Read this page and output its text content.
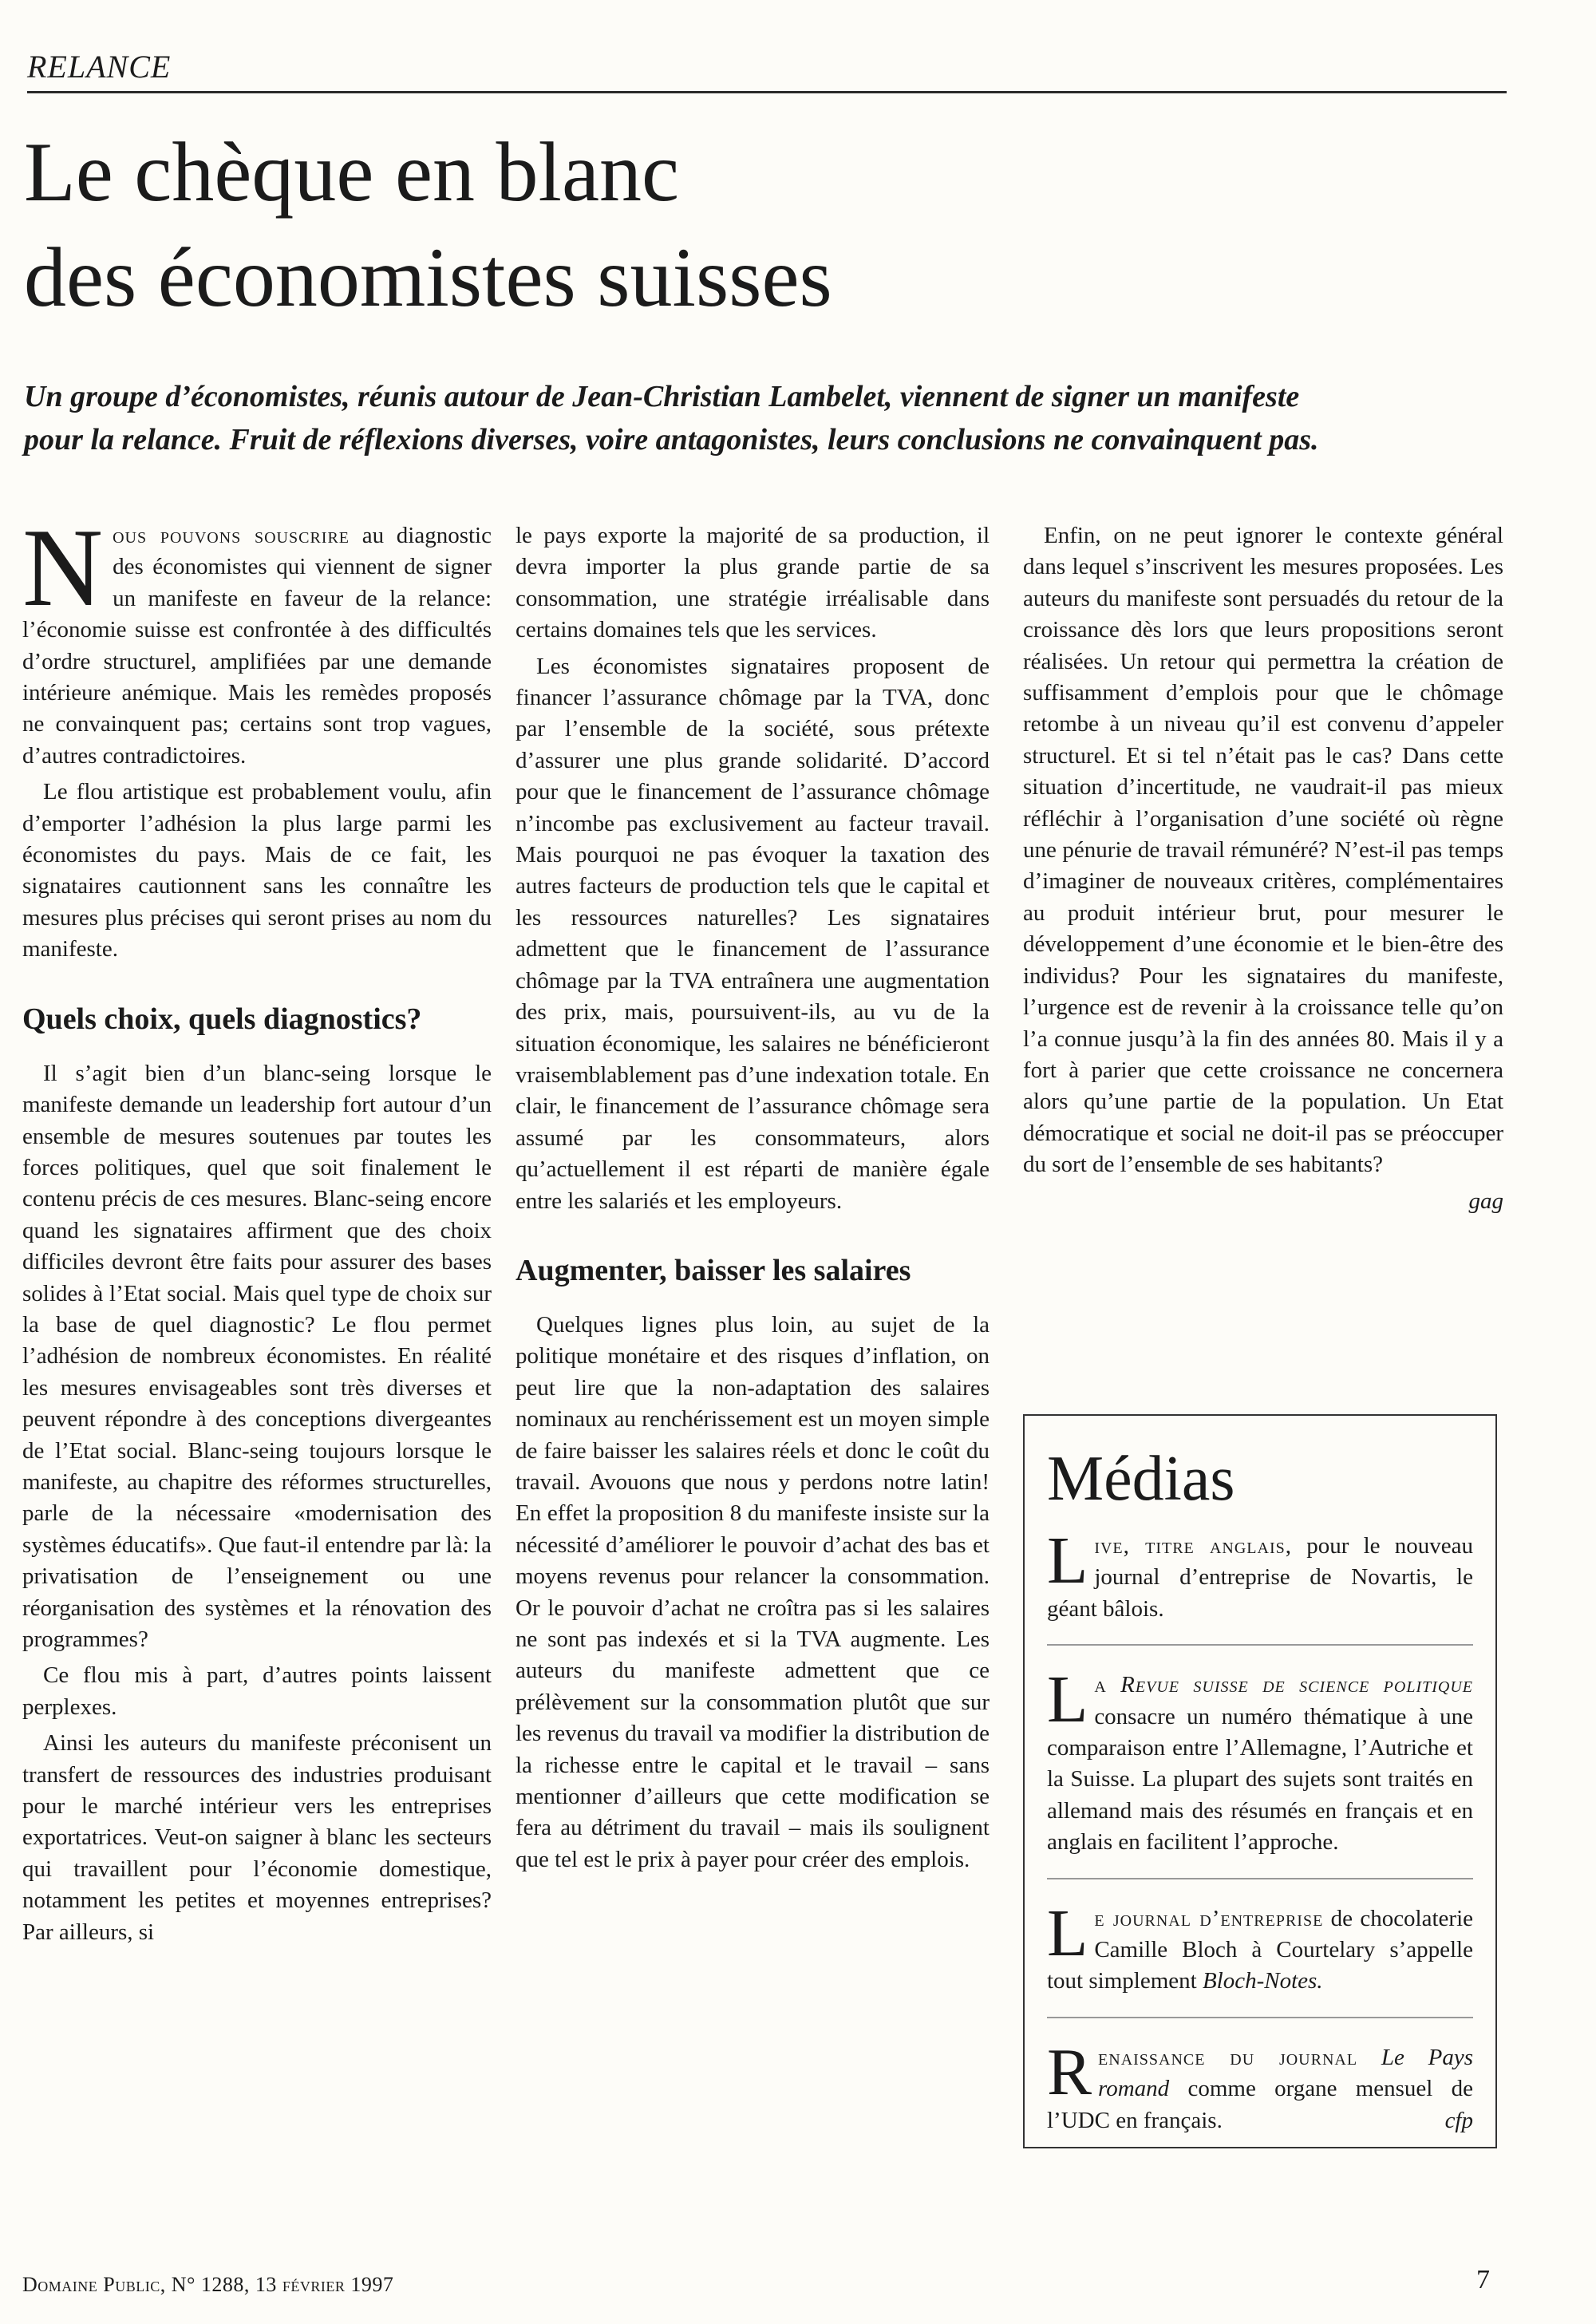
RELANCE
Le chèque en blanc
des économistes suisses

Un groupe d’économistes, réunis autour de Jean-Christian Lambelet, viennent de signer un manifeste pour la relance. Fruit de réflexions diverses, voire antagonistes, leurs conclusions ne convainquent pas.

Nous pouvons souscrire au diagnostic des économistes qui viennent de signer un manifeste en faveur de la relance: l’économie suisse est confrontée à des difficultés d’ordre structurel, amplifiées par une demande intérieure anémique. Mais les remèdes proposés ne convainquent pas; certains sont trop vagues, d’autres contradictoires.

Le flou artistique est probablement voulu, afin d’emporter l’adhésion la plus large parmi les économistes du pays. Mais de ce fait, les signataires cautionnent sans les connaître les mesures plus précises qui seront prises au nom du manifeste.

Quels choix, quels diagnostics?

Il s’agit bien d’un blanc-seing lorsque le manifeste demande un leadership fort autour d’un ensemble de mesures soutenues par toutes les forces politiques, quel que soit finalement le contenu précis de ces mesures. Blanc-seing encore quand les signataires affirment que des choix difficiles devront être faits pour assurer des bases solides à l’Etat social. Mais quel type de choix sur la base de quel diagnostic? Le flou permet l’adhésion de nombreux économistes. En réalité les mesures envisageables sont très diverses et peuvent répondre à des conceptions divergeantes de l’Etat social. Blanc-seing toujours lorsque le manifeste, au chapitre des réformes structurelles, parle de la nécessaire «modernisation des systèmes éducatifs». Que faut-il entendre par là: la privatisation de l’enseignement ou une réorganisation des systèmes et la rénovation des programmes?

Ce flou mis à part, d’autres points laissent perplexes.

Ainsi les auteurs du manifeste préconisent un transfert de ressources des industries produisant pour le marché intérieur vers les entreprises exportatrices. Veut-on saigner à blanc les secteurs qui travaillent pour l’économie domestique, notamment les petites et moyennes entreprises? Par ailleurs, si

le pays exporte la majorité de sa production, il devra importer la plus grande partie de sa consommation, une stratégie irréalisable dans certains domaines tels que les services.

Les économistes signataires proposent de financer l’assurance chômage par la TVA, donc par l’ensemble de la société, sous prétexte d’assurer une plus grande solidarité. D’accord pour que le financement de l’assurance chômage n’incombe pas exclusivement au facteur travail. Mais pourquoi ne pas évoquer la taxation des autres facteurs de production tels que le capital et les ressources naturelles? Les signataires admettent que le financement de l’assurance chômage par la TVA entraînera une augmentation des prix, mais, poursuivent-ils, au vu de la situation économique, les salaires ne bénéficieront vraisemblablement pas d’une indexation totale. En clair, le financement de l’assurance chômage sera assumé par les consommateurs, alors qu’actuellement il est réparti de manière égale entre les salariés et les employeurs.

Augmenter, baisser les salaires

Quelques lignes plus loin, au sujet de la politique monétaire et des risques d’inflation, on peut lire que la non-adaptation des salaires nominaux au renchérissement est un moyen simple de faire baisser les salaires réels et donc le coût du travail. Avouons que nous y perdons notre latin! En effet la proposition 8 du manifeste insiste sur la nécessité d’améliorer le pouvoir d’achat des bas et moyens revenus pour relancer la consommation. Or le pouvoir d’achat ne croîtra pas si les salaires ne sont pas indexés et si la TVA augmente. Les auteurs du manifeste admettent que ce prélèvement sur la consommation plutôt que sur les revenus du travail va modifier la distribution de la richesse entre le capital et le travail – sans mentionner d’ailleurs que cette modification se fera au détriment du travail – mais ils soulignent que tel est le prix à payer pour créer des emplois.

Enfin, on ne peut ignorer le contexte général dans lequel s’inscrivent les mesures proposées. Les auteurs du manifeste sont persuadés du retour de la croissance dès lors que leurs propositions seront réalisées. Un retour qui permettra la création de suffisamment d’emplois pour que le chômage retombe à un niveau qu’il est convenu d’appeler structurel. Et si tel n’était pas le cas? Dans cette situation d’incertitude, ne vaudrait-il pas mieux réfléchir à l’organisation d’une société où règne une pénurie de travail rémunéré? N’est-il pas temps d’imaginer de nouveaux critères, complémentaires au produit intérieur brut, pour mesurer le développement d’une économie et le bien-être des individus? Pour les signataires du manifeste, l’urgence est de revenir à la croissance telle qu’on l’a connue jusqu’à la fin des années 80. Mais il y a fort à parier que cette croissance ne concernera alors qu’une partie de la population. Un Etat démocratique et social ne doit-il pas se préoccuper du sort de l’ensemble de ses habitants?

gag

Médias
Live, titre anglais, pour le nouveau journal d’entreprise de Novartis, le géant bâlois.
La Revue suisse de science politique consacre un numéro thématique à une comparaison entre l’Allemagne, l’Autriche et la Suisse. La plupart des sujets sont traités en allemand mais des résumés en français et en anglais en facilitent l’approche.
Le journal d’entreprise de chocolaterie Camille Bloch à Courtelary s’appelle tout simplement Bloch-Notes.
Renaissance du journal Le Pays romand comme organe mensuel de l’UDC en français.	cfp
Domaine Public, N° 1288, 13 février 1997	7
